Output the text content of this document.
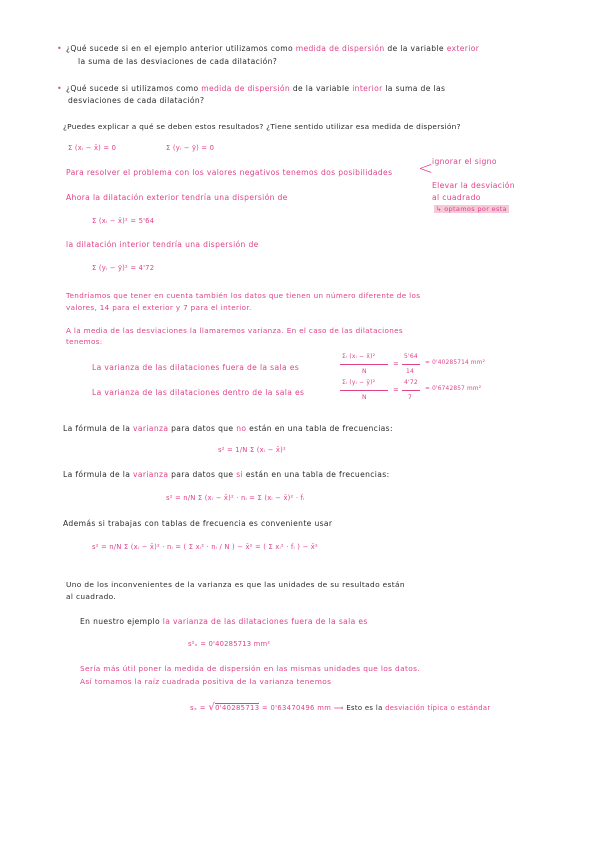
• ¿Qué sucede si en el ejemplo anterior utilizamos como medida de dispersión de la variable exterior
la suma de las desviaciones de cada dilatación?
• ¿Qué sucede si utilizamos como medida de dispersión de la variable interior la suma de las
desviaciones de cada dilatación?
¿Puedes explicar a qué se deben estos resultados? ¿Tiene sentido utilizar esa medida de dispersión?
Σ (xᵢ − x̄) = 0	Σ (yᵢ − ȳ) = 0
Para resolver el problema con los valores negativos tenemos dos posibilidades <
ignorar el signo
Elevar la desviación
al cuadrado
↳ optamos por esta
Ahora la dilatación exterior tendría una dispersión de
Σ (xᵢ − x̄)² = 5'64
la dilatación interior tendría una dispersión de
Σ (yᵢ − ȳ)² = 4'72
Tendríamos que tener en cuenta también los datos que tienen un número diferente de los
valores, 14 para el exterior y 7 para el interior.
A la media de las desviaciones la llamaremos varianza. En el caso de las dilataciones
tenemos:
La varianza de las dilataciones fuera de la sala es
Σᵢ (xᵢ − x̄)²
N
=
5'64
14
= 0'40285714 mm²
La varianza de las dilataciones dentro de la sala es
Σᵢ (yᵢ − ȳ)²
N
=
4'72
7
= 0'6742857 mm²
La fórmula de la varianza para datos que no están en una tabla de frecuencias:
s² = 1/N Σ (xᵢ − x̄)²
La fórmula de la varianza para datos que si están en una tabla de frecuencias:
s² = n/N Σ (xᵢ − x̄)² · nᵢ = Σ (xᵢ − x̄)² · fᵢ
Además si trabajas con tablas de frecuencia es conveniente usar
s² = n/N Σ (xᵢ − x̄)² · nᵢ = ( Σ xᵢ² · nᵢ / N ) − x̄² = ( Σ xᵢ² · fᵢ ) − x̄²
Uno de los inconvenientes de la varianza es que las unidades de su resultado están
al cuadrado.
En nuestro ejemplo la varianza de las dilataciones fuera de la sala es
s²ₓ = 0'40285713 mm²
Sería más útil poner la medida de dispersión en las mismas unidades que los datos.
Así tomamos la raíz cuadrada positiva de la varianza tenemos
sₓ = √0'40285713 = 0'63470496 mm ⟹ Esto es la desviación típica o estándar
